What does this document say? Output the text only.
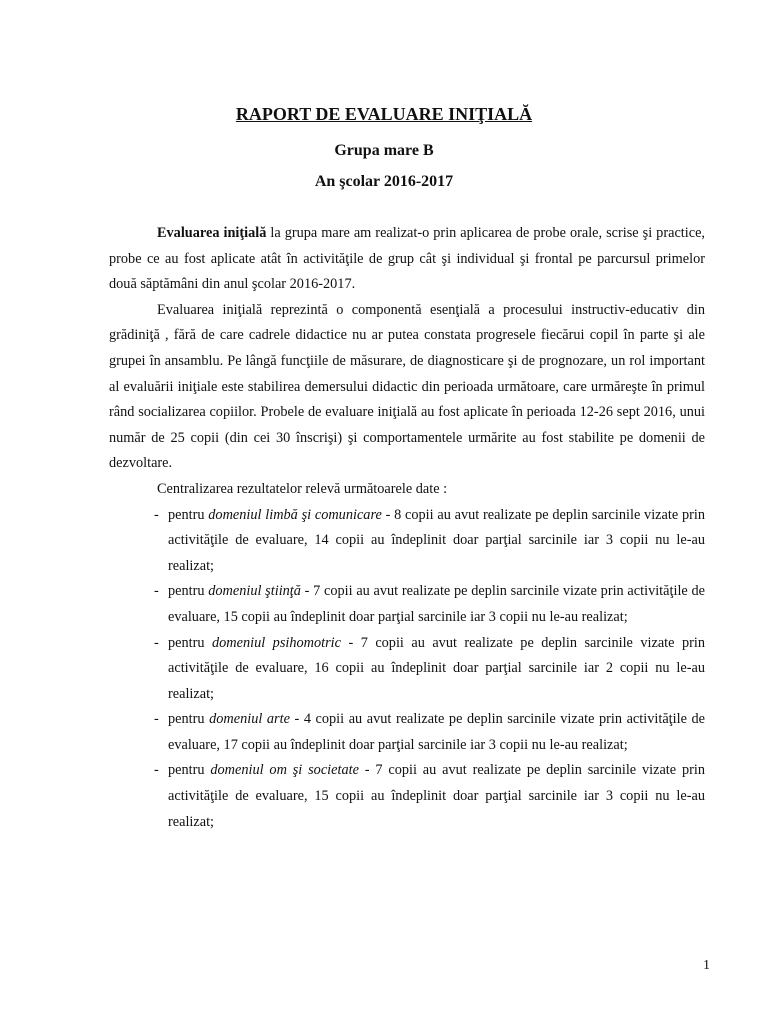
RAPORT DE EVALUARE INIŢIALĂ
Grupa mare B
An şcolar 2016-2017

Evaluarea iniţială la grupa mare am realizat-o prin aplicarea de probe orale, scrise şi practice, probe ce au fost aplicate atât în activităţile de grup cât şi individual şi frontal pe parcursul primelor două săptămâni din anul şcolar 2016-2017.

Evaluarea iniţială reprezintă o componentă esenţială a procesului instructiv-educativ din grădiniţă , fără de care cadrele didactice nu ar putea constata progresele fiecărui copil în parte şi ale grupei în ansamblu. Pe lângă funcţiile de măsurare, de diagnosticare şi de prognozare, un rol important al evaluării iniţiale este stabilirea demersului didactic din perioada următoare, care urmăreşte în primul rând socializarea copiilor. Probele de evaluare iniţială au fost aplicate în perioada 12-26 sept 2016, unui număr de 25 copii (din cei 30 înscrişi) şi comportamentele urmărite au fost stabilite pe domenii de dezvoltare.

Centralizarea rezultatelor relevă următoarele date :

- pentru domeniul limbă şi comunicare - 8 copii au avut realizate pe deplin sarcinile vizate prin activităţile de evaluare, 14 copii au îndeplinit doar parţial sarcinile iar 3 copii nu le-au realizat;
- pentru domeniul ştiinţă - 7 copii au avut realizate pe deplin sarcinile vizate prin activităţile de evaluare, 15 copii au îndeplinit doar parţial sarcinile iar 3 copii nu le-au realizat;
- pentru domeniul psihomotric - 7 copii au avut realizate pe deplin sarcinile vizate prin activităţile de evaluare, 16 copii au îndeplinit doar parţial sarcinile iar 2 copii nu le-au realizat;
- pentru domeniul arte - 4 copii au avut realizate pe deplin sarcinile vizate prin activităţile de evaluare, 17 copii au îndeplinit doar parţial sarcinile iar 3 copii nu le-au realizat;
- pentru domeniul om şi societate - 7 copii au avut realizate pe deplin sarcinile vizate prin activităţile de evaluare, 15 copii au îndeplinit doar parţial sarcinile iar 3 copii nu le-au realizat;
1
